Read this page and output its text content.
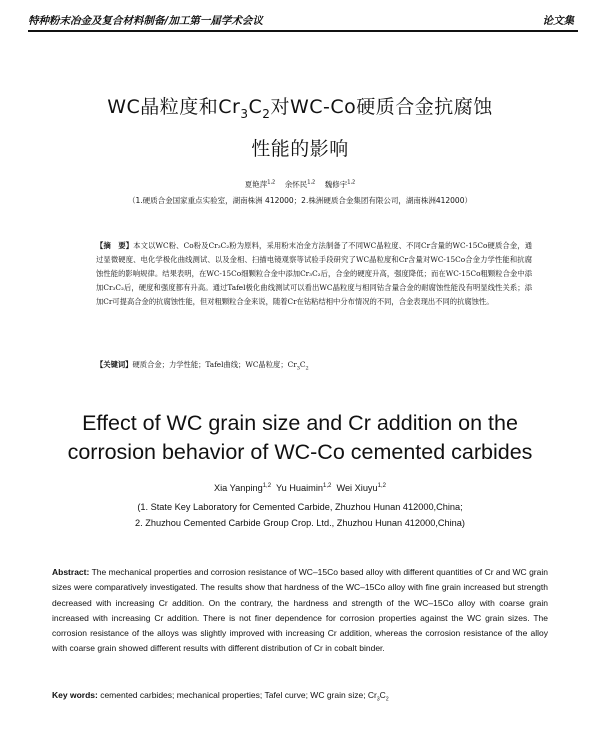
特种粉末冶金及复合材料制备/加工第一届学术会议	论文集
WC晶粒度和$Cr_3C_2$对WC-Co硬质合金抗腐蚀
性能的影响
夏艳萍$^{1,2}$ 余怀民$^{1,2}$ 魏修宇$^{1,2}$
（1.硬质合金国家重点实验室，湖南株洲 412000；2.株洲硬质合金集团有限公司，湖南株洲412000）
【摘　要】本文以WC粉、Co粉及Cr₃C₂粉为原料，采用粉末冶金方法制备了不同WC晶粒度、不同Cr含量的WC-15Co硬质合金，通过显微硬度、电化学极化曲线测试、以及金相、扫描电镜观察等试验手段研究了WC晶粒度和Cr含量对WC-15Co合金力学性能和抗腐蚀性能的影响规律。结果表明，在WC-15Co细颗粒合金中添加Cr₃C₂后，合金的硬度升高，强度降低；而在WC-15Co粗颗粒合金中添加Cr₃C₂后，硬度和强度都有升高。通过Tafel极化曲线测试可以看出WC晶粒度与相同钴含量合金的耐腐蚀性能没有明显线性关系；添加Cr可提高合金的抗腐蚀性能，但对粗颗粒合金来说，随着Cr在钴粘结相中分布情况的不同，合金表现出不同的抗腐蚀性。
【关键词】硬质合金；力学性能；Tafel曲线；WC晶粒度；$Cr_3C_2$
Effect of WC grain size and Cr addition on the corrosion behavior of WC-Co cemented carbides
Xia Yanping$^{1,2}$ Yu Huaimin$^{1,2}$ Wei Xiuyu$^{1,2}$
(1. State Key Laboratory for Cemented Carbide, Zhuzhou Hunan 412000,China;
2. Zhuzhou Cemented Carbide Group Crop. Ltd., Zhuzhou Hunan 412000,China)
Abstract: The mechanical properties and corrosion resistance of WC–15Co based alloy with different quantities of Cr and WC grain sizes were comparatively investigated. The results show that hardness of the WC–15Co alloy with fine grain increased but strength decreased with increasing Cr addition. On the contrary, the hardness and strength of the WC–15Co alloy with coarse grain increased with increasing Cr addition. There is not finer dependence for corrosion properties against the WC grain sizes. The corrosion resistance of the alloys was slightly improved with increasing Cr addition, whereas the corrosion resistance of the alloy with coarse grain showed different results with different distribution of Cr in cobalt binder.
Key words: cemented carbides; mechanical properties; Tafel curve; WC grain size; $Cr_3C_2$
